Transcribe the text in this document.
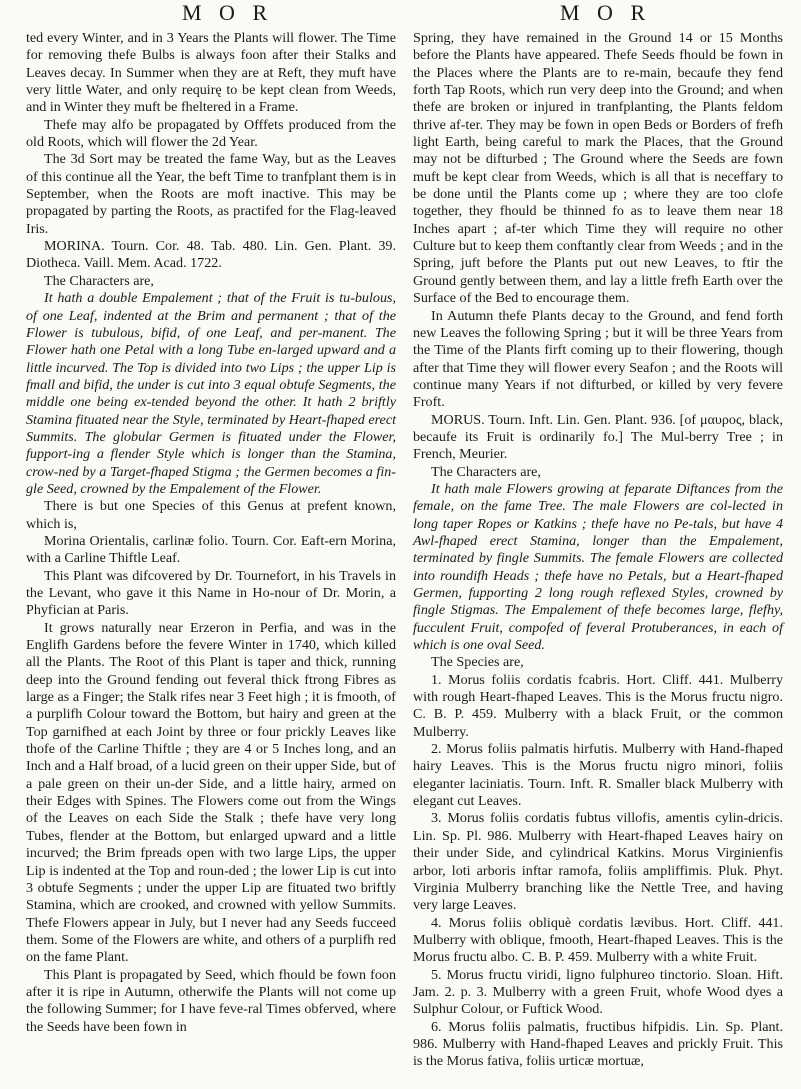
M O R	M O R

ted every Winter, and in 3 Years the Plants will flower. The Time for removing thefe Bulbs is always foon after their Stalks and Leaves decay. In Summer when they are at Reft, they muft have very little Water, and only requirę to be kept clean from Weeds, and in Winter they muft be fheltered in a Frame.

Thefe may alfo be propagated by Offfets produced from the old Roots, which will flower the 2d Year.

The 3d Sort may be treated the fame Way, but as the Leaves of this continue all the Year, the beft Time to tranfplant them is in September, when the Roots are moft inactive. This may be propagated by parting the Roots, as practifed for the Flag-leaved Iris.

MORINA. Tourn. Cor. 48. Tab. 480. Lin. Gen. Plant. 39. Diotheca. Vaill. Mem. Acad. 1722.

The Characters are,

It hath a double Empalement ; that of the Fruit is tu-bulous, of one Leaf, indented at the Brim and permanent ; that of the Flower is tubulous, bifid, of one Leaf, and per-manent. The Flower hath one Petal with a long Tube en-larged upward and a little incurved. The Top is divided into two Lips ; the upper Lip is fmall and bifid, the under is cut into 3 equal obtufe Segments, the middle one being ex-tended beyond the other. It hath 2 briftly Stamina fituated near the Style, terminated by Heart-fhaped erect Summits. The globular Germen is fituated under the Flower, fupport-ing a flender Style which is longer than the Stamina, crow-ned by a Target-fhaped Stigma ; the Germen becomes a fin-gle Seed, crowned by the Empalement of the Flower.

There is but one Species of this Genus at prefent known, which is,

Morina Orientalis, carlinæ folio. Tourn. Cor. Eaft-ern Morina, with a Carline Thiftle Leaf.

This Plant was difcovered by Dr. Tournefort, in his Travels in the Levant, who gave it this Name in Ho-nour of Dr. Morin, a Phyfician at Paris.

It grows naturally near Erzeron in Perfia, and was in the Englifh Gardens before the fevere Winter in 1740, which killed all the Plants. The Root of this Plant is taper and thick, running deep into the Ground fending out feveral thick ftrong Fibres as large as a Finger; the Stalk rifes near 3 Feet high ; it is fmooth, of a purplifh Colour toward the Bottom, but hairy and green at the Top garnifhed at each Joint by three or four prickly Leaves like thofe of the Carline Thiftle ; they are 4 or 5 Inches long, and an Inch and a Half broad, of a lucid green on their upper Side, but of a pale green on their un-der Side, and a little hairy, armed on their Edges with Spines. The Flowers come out from the Wings of the Leaves on each Side the Stalk ; thefe have very long Tubes, flender at the Bottom, but enlarged upward and a little incurved; the Brim fpreads open with two large Lips, the upper Lip is indented at the Top and roun-ded ; the lower Lip is cut into 3 obtufe Segments ; under the upper Lip are fituated two briftly Stamina, which are crooked, and crowned with yellow Summits. Thefe Flowers appear in July, but I never had any Seeds fucceed them. Some of the Flowers are white, and others of a purplifh red on the fame Plant.

This Plant is propagated by Seed, which fhould be fown foon after it is ripe in Autumn, otherwife the Plants will not come up the following Summer; for I have feve-ral Times obferved, where the Seeds have been fown in

Spring, they have remained in the Ground 14 or 15 Months before the Plants have appeared. Thefe Seeds fhould be fown in the Places where the Plants are to re-main, becaufe they fend forth Tap Roots, which run very deep into the Ground; and when thefe are broken or injured in tranfplanting, the Plants feldom thrive af-ter. They may be fown in open Beds or Borders of frefh light Earth, being careful to mark the Places, that the Ground may not be difturbed ; The Ground where the Seeds are fown muft be kept clear from Weeds, which is all that is neceffary to be done until the Plants come up ; where they are too clofe together, they fhould be thinned fo as to leave them near 18 Inches apart ; af-ter which Time they will require no other Culture but to keep them conftantly clear from Weeds ; and in the Spring, juft before the Plants put out new Leaves, to ftir the Ground gently between them, and lay a little frefh Earth over the Surface of the Bed to encourage them.

In Autumn thefe Plants decay to the Ground, and fend forth new Leaves the following Spring ; but it will be three Years from the Time of the Plants firft coming up to their flowering, though after that Time they will flower every Seafon ; and the Roots will continue many Years if not difturbed, or killed by very fevere Froft.

MORUS. Tourn. Inft. Lin. Gen. Plant. 936. [of μαυρος, black, becaufe its Fruit is ordinarily fo.] The Mul-berry Tree ; in French, Meurier.

The Characters are,

It hath male Flowers growing at feparate Diftances from the female, on the fame Tree. The male Flowers are col-lected in long taper Ropes or Katkins ; thefe have no Pe-tals, but have 4 Awl-fhaped erect Stamina, longer than the Empalement, terminated by fingle Summits. The female Flowers are collected into roundifh Heads ; thefe have no Petals, but a Heart-fhaped Germen, fupporting 2 long rough reflexed Styles, crowned by fingle Stigmas. The Empalement of thefe becomes large, flefhy, fucculent Fruit, compofed of feveral Protuberances, in each of which is one oval Seed.

The Species are,

1. Morus foliis cordatis fcabris. Hort. Cliff. 441. Mulberry with rough Heart-fhaped Leaves. This is the Morus fructu nigro. C. B. P. 459. Mulberry with a black Fruit, or the common Mulberry.

2. Morus foliis palmatis hirfutis. Mulberry with Hand-fhaped hairy Leaves. This is the Morus fructu nigro minori, foliis eleganter laciniatis. Tourn. Inft. R. Smaller black Mulberry with elegant cut Leaves.

3. Morus foliis cordatis fubtus villofis, amentis cylin-dricis. Lin. Sp. Pl. 986. Mulberry with Heart-fhaped Leaves hairy on their under Side, and cylindrical Katkins. Morus Virginienfis arbor, loti arboris inftar ramofa, foliis ampliffimis. Pluk. Phyt. Virginia Mulberry branching like the Nettle Tree, and having very large Leaves.

4. Morus foliis obliquè cordatis lævibus. Hort. Cliff. 441. Mulberry with oblique, fmooth, Heart-fhaped Leaves. This is the Morus fructu albo. C. B. P. 459. Mulberry with a white Fruit.

5. Morus fructu viridi, ligno fulphureo tinctorio. Sloan. Hift. Jam. 2. p. 3. Mulberry with a green Fruit, whofe Wood dyes a Sulphur Colour, or Fuftick Wood.

6. Morus foliis palmatis, fructibus hifpidis. Lin. Sp. Plant. 986. Mulberry with Hand-fhaped Leaves and prickly Fruit. This is the Morus fativa, foliis urticæ mortuæ,
